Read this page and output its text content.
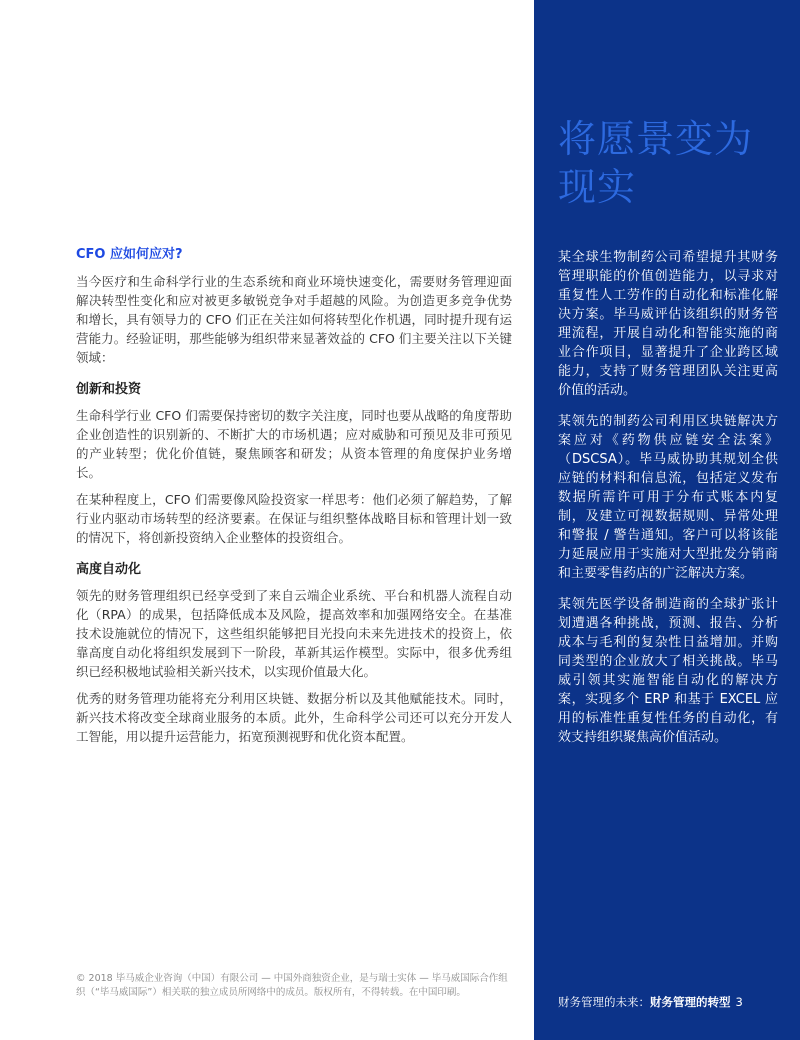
CFO 应如何应对?

当今医疗和生命科学行业的生态系统和商业环境快速变化，需要财务管理迎面解决转型性变化和应对被更多敏锐竞争对手超越的风险。为创造更多竞争优势和增长，具有领导力的 CFO 们正在关注如何将转型化作机遇，同时提升现有运营能力。经验证明，那些能够为组织带来显著效益的 CFO 们主要关注以下关键领域：

创新和投资

生命科学行业 CFO 们需要保持密切的数字关注度，同时也要从战略的角度帮助企业创造性的识别新的、不断扩大的市场机遇；应对威胁和可预见及非可预见的产业转型；优化价值链，聚焦顾客和研发；从资本管理的角度保护业务增长。

在某种程度上，CFO 们需要像风险投资家一样思考：他们必须了解趋势，了解行业内驱动市场转型的经济要素。在保证与组织整体战略目标和管理计划一致的情况下，将创新投资纳入企业整体的投资组合。

高度自动化

领先的财务管理组织已经享受到了来自云端企业系统、平台和机器人流程自动化（RPA）的成果，包括降低成本及风险，提高效率和加强网络安全。在基准技术设施就位的情况下，这些组织能够把目光投向未来先进技术的投资上，依靠高度自动化将组织发展到下一阶段，革新其运作模型。实际中，很多优秀组织已经积极地试验相关新兴技术，以实现价值最大化。

优秀的财务管理功能将充分利用区块链、数据分析以及其他赋能技术。同时，新兴技术将改变全球商业服务的本质。此外，生命科学公司还可以充分开发人工智能，用以提升运营能力，拓宽预测视野和优化资本配置。

© 2018 毕马威企业咨询（中国）有限公司 — 中国外商独资企业，是与瑞士实体 — 毕马威国际合作组织（“毕马威国际”）相关联的独立成员所网络中的成员。版权所有，不得转载。在中国印刷。

将愿景变为现实

某全球生物制药公司希望提升其财务管理职能的价值创造能力，以寻求对重复性人工劳作的自动化和标准化解决方案。毕马威评估该组织的财务管理流程，开展自动化和智能实施的商业合作项目，显著提升了企业跨区域能力，支持了财务管理团队关注更高价值的活动。

某领先的制药公司利用区块链解决方案应对《药物供应链安全法案》（DSCSA）。毕马威协助其规划全供应链的材料和信息流，包括定义发布数据所需许可用于分布式账本内复制，及建立可视数据规则、异常处理和警报 / 警告通知。客户可以将该能力延展应用于实施对大型批发分销商和主要零售药店的广泛解决方案。

某领先医学设备制造商的全球扩张计划遭遇各种挑战，预测、报告、分析成本与毛利的复杂性日益增加。并购同类型的企业放大了相关挑战。毕马威引领其实施智能自动化的解决方案，实现多个 ERP 和基于 EXCEL 应用的标准性重复性任务的自动化，有效支持组织聚焦高价值活动。

财务管理的未来：财务管理的转型 3
